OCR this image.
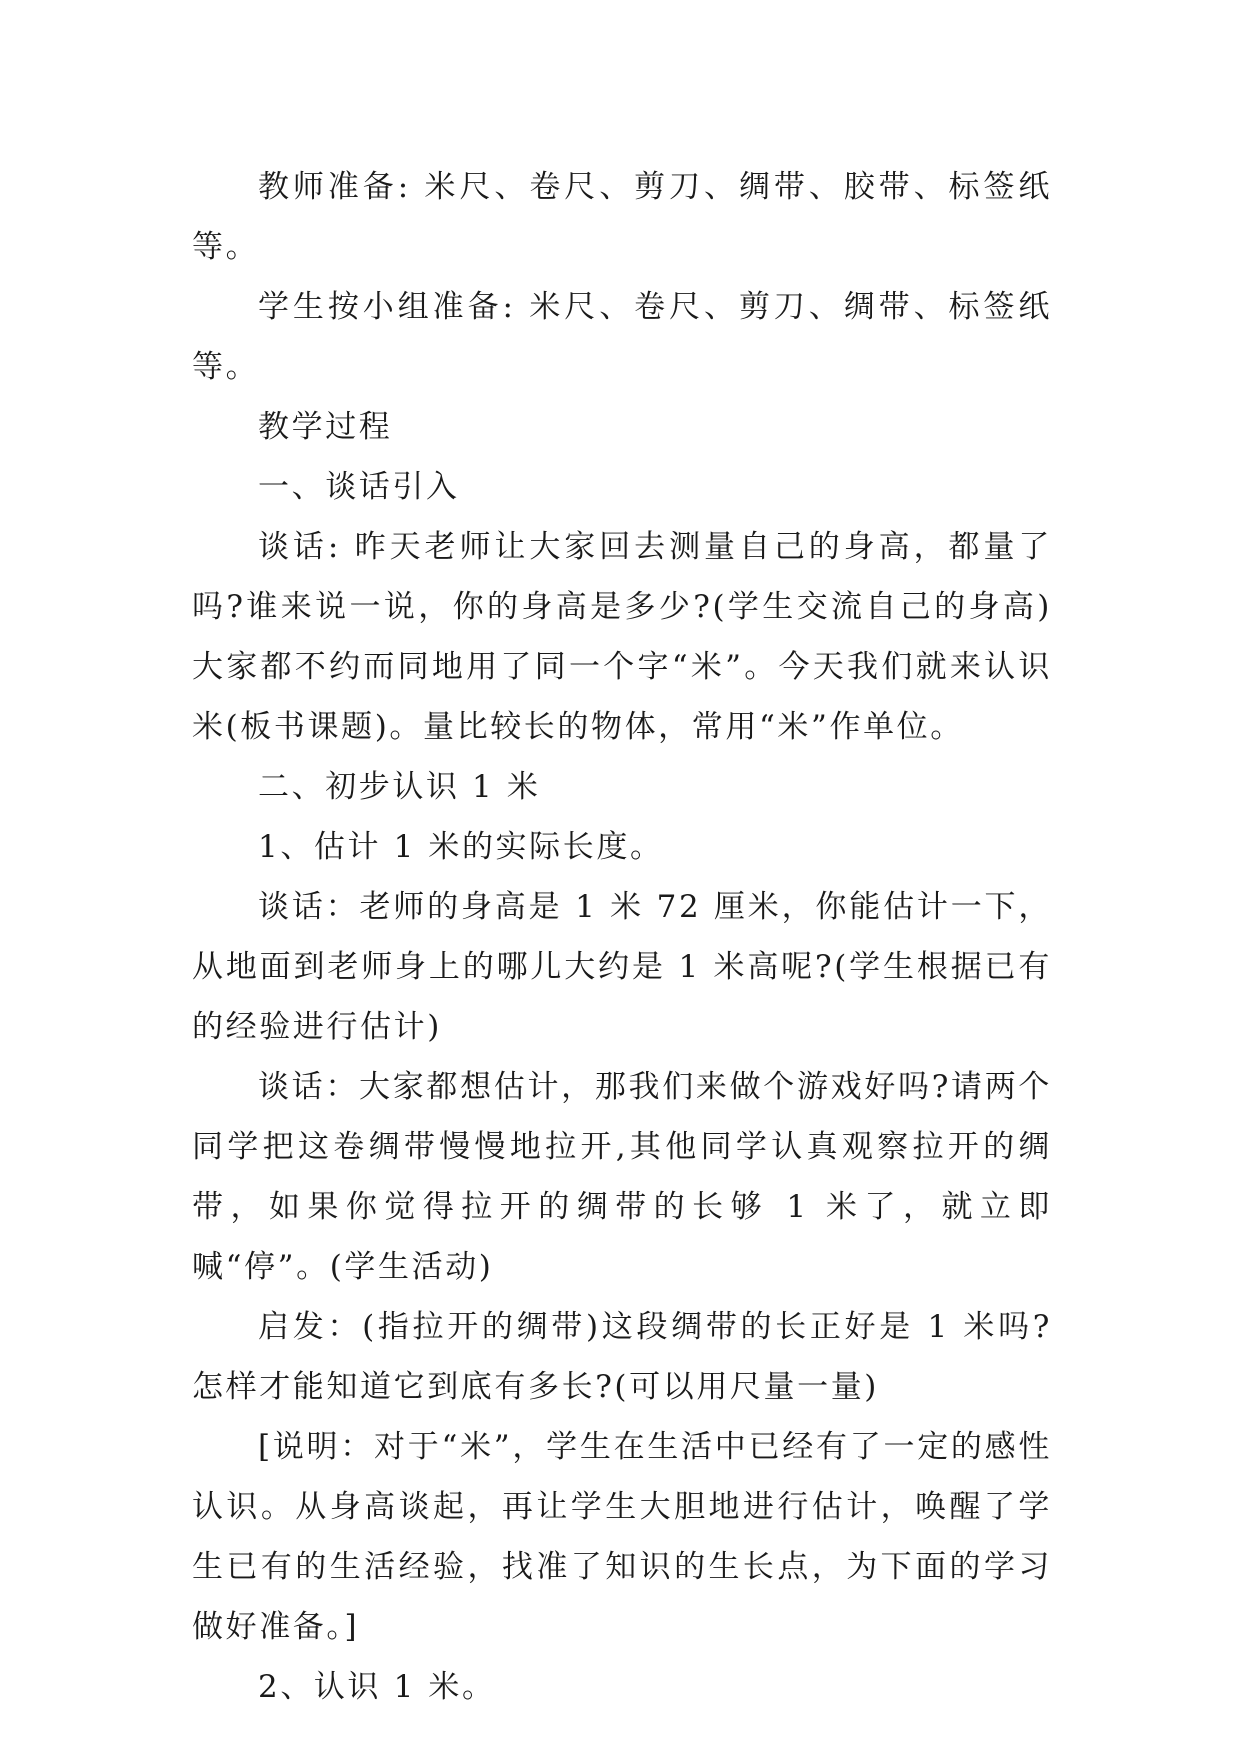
教师准备: 米尺、卷尺、剪刀、绸带、胶带、标签纸等。

学生按小组准备: 米尺、卷尺、剪刀、绸带、标签纸等。

教学过程

一、谈话引入

谈话: 昨天老师让大家回去测量自己的身高，都量了吗?谁来说一说，你的身高是多少?(学生交流自己的身高)大家都不约而同地用了同一个字“米”。今天我们就来认识米(板书课题)。量比较长的物体，常用“米”作单位。

二、初步认识 1 米

1、估计 1 米的实际长度。

谈话：老师的身高是 1 米 72 厘米，你能估计一下，从地面到老师身上的哪儿大约是 1 米高呢?(学生根据已有的经验进行估计)

谈话：大家都想估计，那我们来做个游戏好吗?请两个同学把这卷绸带慢慢地拉开,其他同学认真观察拉开的绸带，如果你觉得拉开的绸带的长够 1 米了，就立即喊“停”。(学生活动)

启发：(指拉开的绸带)这段绸带的长正好是 1 米吗?怎样才能知道它到底有多长?(可以用尺量一量)

[说明：对于“米”，学生在生活中已经有了一定的感性认识。从身高谈起，再让学生大胆地进行估计，唤醒了学生已有的生活经验，找准了知识的生长点，为下面的学习做好准备。]

2、认识 1 米。
